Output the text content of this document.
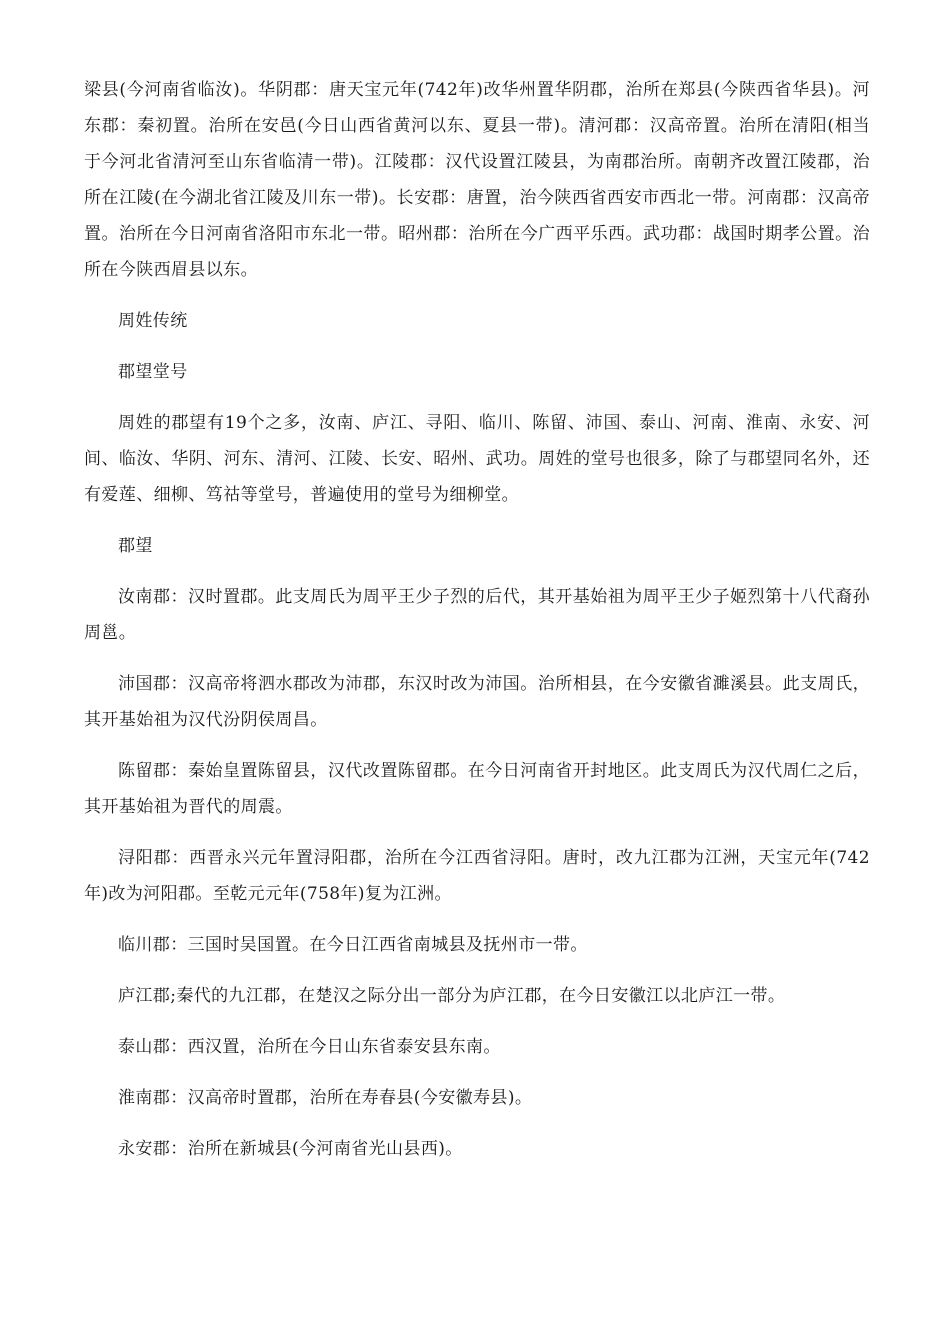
梁县(今河南省临汝)。华阴郡：唐天宝元年(742年)改华州置华阴郡，治所在郑县(今陕西省华县)。河东郡：秦初置。治所在安邑(今日山西省黄河以东、夏县一带)。清河郡：汉高帝置。治所在清阳(相当于今河北省清河至山东省临清一带)。江陵郡：汉代设置江陵县，为南郡治所。南朝齐改置江陵郡，治所在江陵(在今湖北省江陵及川东一带)。长安郡：唐置，治今陕西省西安市西北一带。河南郡：汉高帝置。治所在今日河南省洛阳市东北一带。昭州郡：治所在今广西平乐西。武功郡：战国时期孝公置。治所在今陕西眉县以东。

周姓传统

郡望堂号

周姓的郡望有19个之多，汝南、庐江、寻阳、临川、陈留、沛国、泰山、河南、淮南、永安、河间、临汝、华阴、河东、清河、江陵、长安、昭州、武功。周姓的堂号也很多，除了与郡望同名外，还有爱莲、细柳、笃祜等堂号，普遍使用的堂号为细柳堂。

郡望

汝南郡：汉时置郡。此支周氏为周平王少子烈的后代，其开基始祖为周平王少子姬烈第十八代裔孙周邕。

沛国郡：汉高帝将泗水郡改为沛郡，东汉时改为沛国。治所相县，在今安徽省濉溪县。此支周氏，其开基始祖为汉代汾阴侯周昌。

陈留郡：秦始皇置陈留县，汉代改置陈留郡。在今日河南省开封地区。此支周氏为汉代周仁之后，其开基始祖为晋代的周震。

浔阳郡：西晋永兴元年置浔阳郡，治所在今江西省浔阳。唐时，改九江郡为江洲，天宝元年(742年)改为河阳郡。至乾元元年(758年)复为江洲。

临川郡：三国时吴国置。在今日江西省南城县及抚州市一带。

庐江郡;秦代的九江郡，在楚汉之际分出一部分为庐江郡，在今日安徽江以北庐江一带。

泰山郡：西汉置，治所在今日山东省泰安县东南。

淮南郡：汉高帝时置郡，治所在寿春县(今安徽寿县)。

永安郡：治所在新城县(今河南省光山县西)。
